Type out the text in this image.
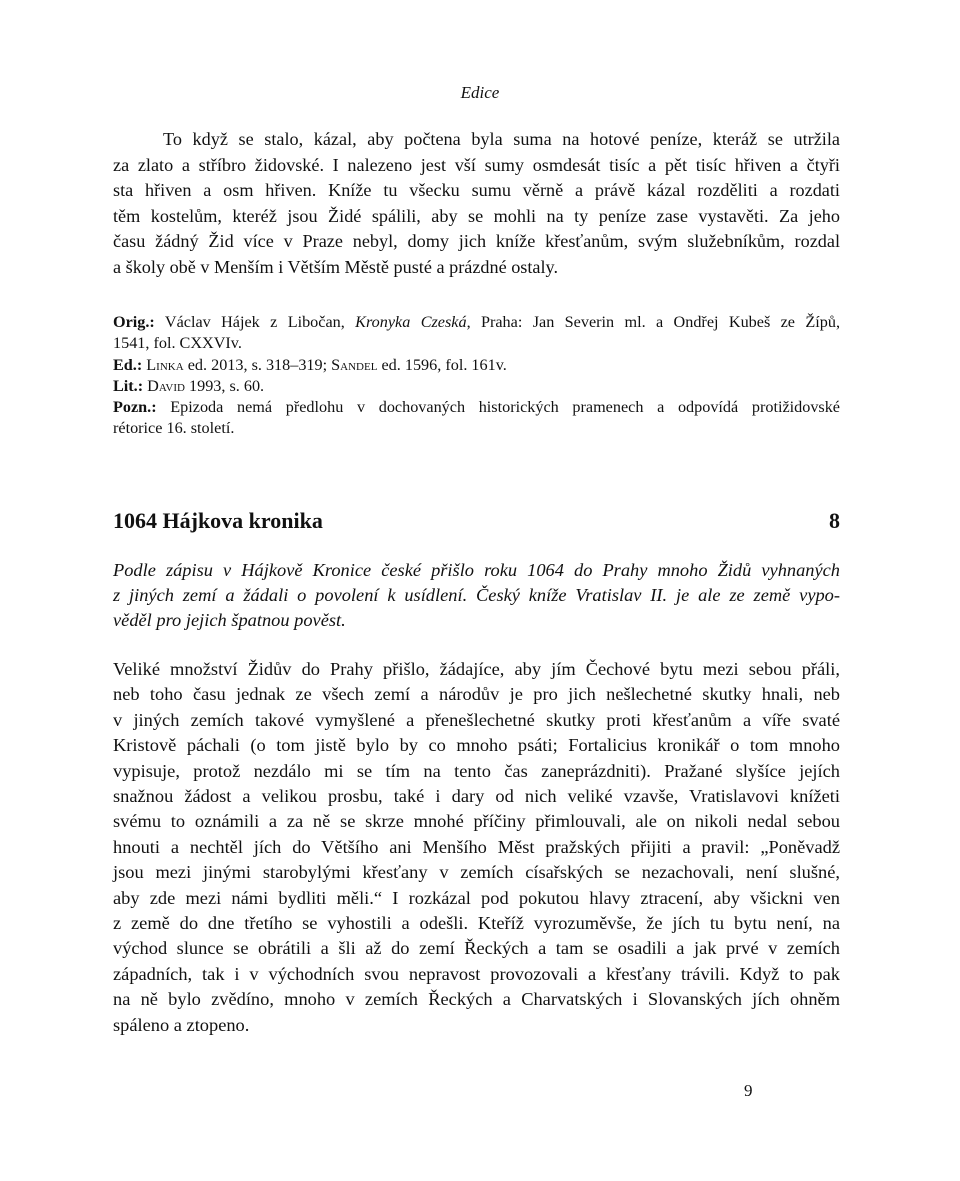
Edice
To když se stalo, kázal, aby počtena byla suma na hotové peníze, kteráž se utržila
za zlato a stříbro židovské. I nalezeno jest vší sumy osmdesát tisíc a pět tisíc hřiven a čtyři
sta hřiven a osm hřiven. Kníže tu všecku sumu věrně a právě kázal rozděliti a rozdati
těm kostelům, kteréž jsou Židé spálili, aby se mohli na ty peníze zase vystavěti. Za jeho
času žádný Žid více v Praze nebyl, domy jich kníže křesťanům, svým služebníkům, rozdal
a školy obě v Menším i Větším Městě pusté a prázdné ostaly.
Orig.: Václav Hájek z Libočan, Kronyka Czeská, Praha: Jan Severin ml. a Ondřej Kubeš ze Žípů,
1541, fol. CXXVIv.
Ed.: Linka ed. 2013, s. 318–319; Sandel ed. 1596, fol. 161v.
Lit.: David 1993, s. 60.
Pozn.: Epizoda nemá předlohu v dochovaných historických pramenech a odpovídá protižidovské
rétorice 16. století.
1064 Hájkova kronika	8
Podle zápisu v Hájkově Kronice české přišlo roku 1064 do Prahy mnoho Židů vyhnaných
z jiných zemí a žádali o povolení k usídlení. Český kníže Vratislav II. je ale ze země vypo-
věděl pro jejich špatnou pověst.
Veliké množství Židův do Prahy přišlo, žádajíce, aby jím Čechové bytu mezi sebou přáli,
neb toho času jednak ze všech zemí a národův je pro jich nešlechetné skutky hnali, neb
v jiných zemích takové vymyšlené a přenešlechetné skutky proti křesťanům a víře svaté
Kristově páchali (o tom jistě bylo by co mnoho psáti; Fortalicius kronikář o tom mnoho
vypisuje, protož nezdálo mi se tím na tento čas zaneprázdniti). Pražané slyšíce jejích
snažnou žádost a velikou prosbu, také i dary od nich veliké vzavše, Vratislavovi knížeti
svému to oznámili a za ně se skrze mnohé příčiny přimlouvali, ale on nikoli nedal sebou
hnouti a nechtěl jích do Většího ani Menšího Měst pražských přijiti a pravil: „Poněvadž
jsou mezi jinými starobylými křesťany v zemích císařských se nezachovali, není slušné,
aby zde mezi námi bydliti měli.“ I rozkázal pod pokutou hlavy ztracení, aby všickni ven
z země do dne třetího se vyhostili a odešli. Kteříž vyrozuměvše, že jích tu bytu není, na
východ slunce se obrátili a šli až do zemí Řeckých a tam se osadili a jak prvé v zemích
západních, tak i v východních svou nepravost provozovali a křesťany trávili. Když to pak
na ně bylo zvědíno, mnoho v zemích Řeckých a Charvatských i Slovanských jích ohněm
spáleno a ztopeno.
9
